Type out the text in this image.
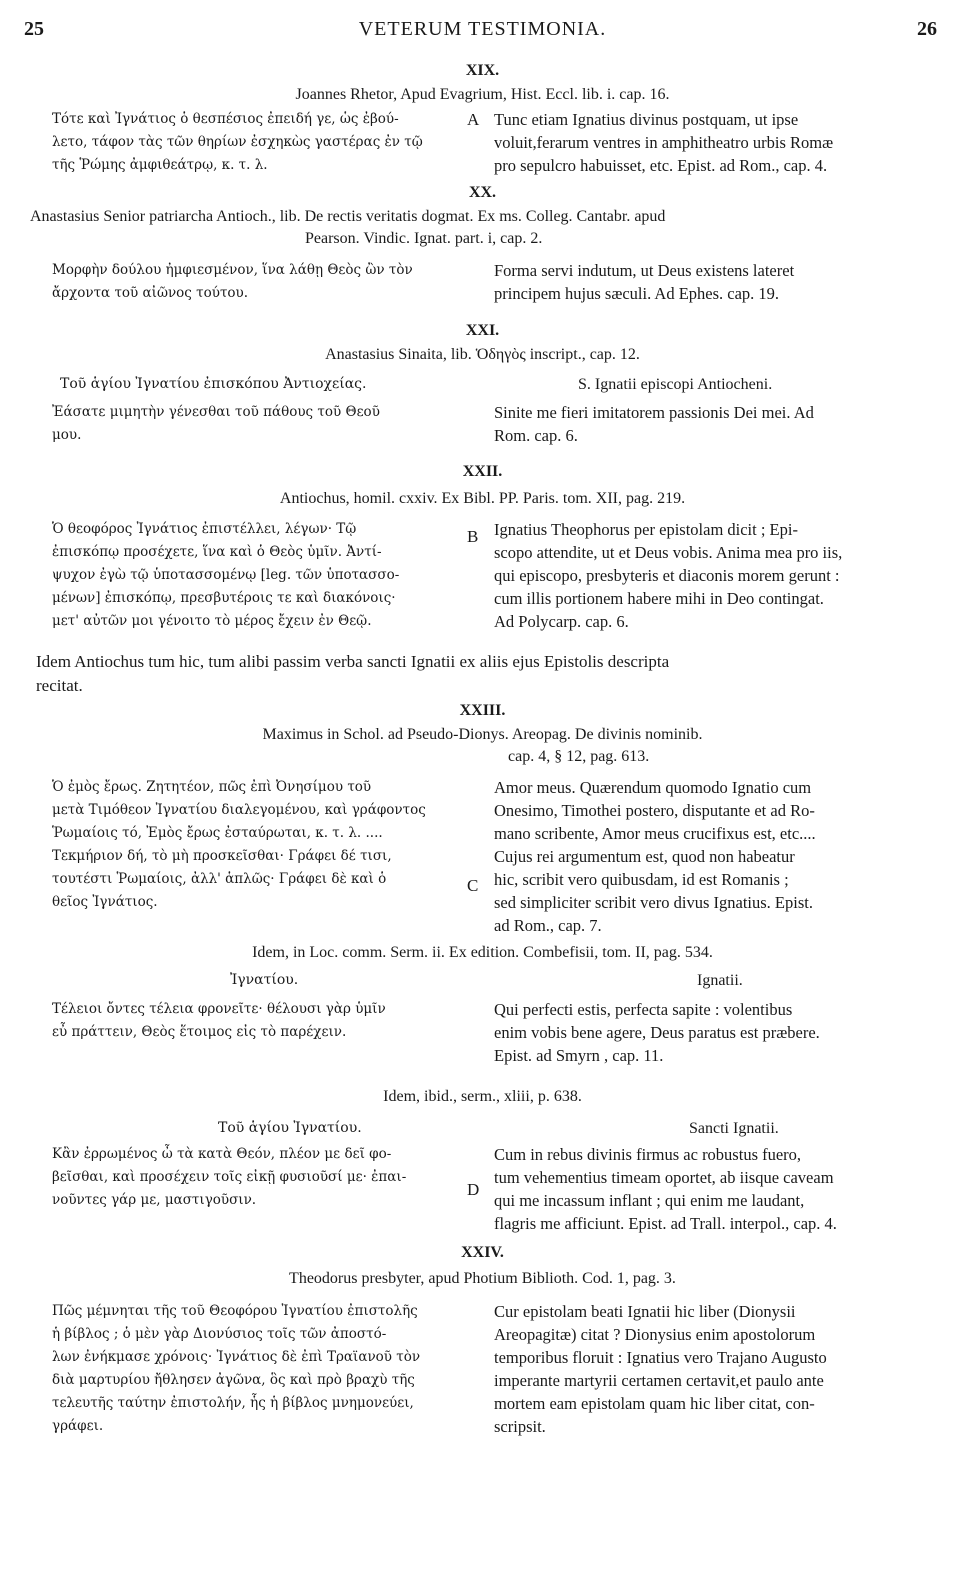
25	VETERUM TESTIMONIA.	26
XIX.
Joannes Rhetor, Apud Evagrium, Hist. Eccl. lib. i. cap. 16.
Τότε καὶ Ἰγνάτιος ὁ θεσπέσιος ἐπειδή γε, ὡς ἐβού-
λετο, τάφον τὰς τῶν θηρίων ἐσχηκὼς γαστέρας ἐν τῷ
τῆς Ῥώμης ἀμφιθεάτρῳ, κ. τ. λ.
A Tunc etiam Ignatius divinus postquam, ut ipse
voluit,ferarum ventres in amphitheatro urbis Romæ
pro sepulcro habuisset, etc. Epist. ad Rom., cap. 4.
XX.
Anastasius Senior patriarcha Antioch., lib. De rectis veritatis dogmat. Ex ms. Colleg. Cantabr. apud
Pearson. Vindic. Ignat. part. i, cap. 2.
Μορφὴν δούλου ἠμφιεσμένον, ἵνα λάθῃ Θεὸς ὢν τὸν
ἄρχοντα τοῦ αἰῶνος τούτου.
Forma servi indutum, ut Deus existens lateret
principem hujus sæculi. Ad Ephes. cap. 19.
XXI.
Anastasius Sinaita, lib. Ὁδηγὸς inscript., cap. 12.
Τοῦ ἁγίου Ἰγνατίου ἐπισκόπου Ἀντιοχείας.	S. Ignatii episcopi Antiocheni.
Ἐάσατε μιμητὴν γένεσθαι τοῦ πάθους τοῦ Θεοῦ
μου.
Sinite me fieri imitatorem passionis Dei mei. Ad
Rom. cap. 6.
XXII.
Antiochus, homil. cxxiv. Ex Bibl. PP. Paris. tom. XII, pag. 219.
Ὁ θεοφόρος Ἰγνάτιος ἐπιστέλλει, λέγων· Τῷ
ἐπισκόπῳ προσέχετε, ἵνα καὶ ὁ Θεὸς ὑμῖν. Ἀντί-
ψυχον ἐγὼ τῷ ὑποτασσομένῳ [leg. τῶν ὑποτασσο-
μένων] ἐπισκόπῳ, πρεσβυτέροις τε καὶ διακόνοις·
μετ' αὐτῶν μοι γένοιτο τὸ μέρος ἔχειν ἐν Θεῷ.
B Ignatius Theophorus per epistolam dicit ; Epi-
scopo attendite, ut et Deus vobis. Anima mea pro iis,
qui episcopo, presbyteris et diaconis morem gerunt :
cum illis portionem habere mihi in Deo contingat.
Ad Polycarp. cap. 6.
Idem Antiochus tum hic, tum alibi passim verba sancti Ignatii ex aliis ejus Epistolis descripta
recitat.
XXIII.
Maximus in Schol. ad Pseudo-Dionys. Areopag. De divinis nominib.
cap. 4, § 12, pag. 613.
Ὁ ἐμὸς ἔρως. Ζητητέον, πῶς ἐπὶ Ὀνησίμου τοῦ
μετὰ Τιμόθεον Ἰγνατίου διαλεγομένου, καὶ γράφοντος
Ῥωμαίοις τό, Ἐμὸς ἔρως ἐσταύρωται, κ. τ. λ. ....
Τεκμήριον δή, τὸ μὴ προσκεῖσθαι· Γράφει δέ τισι,
τουτέστι Ῥωμαίοις, ἀλλ' ἁπλῶς· Γράφει δὲ καὶ ὁ
θεῖος Ἰγνάτιος.
C
Amor meus. Quærendum quomodo Ignatio cum
Onesimo, Timothei postero, disputante et ad Ro-
mano scribente, Amor meus crucifixus est, etc....
Cujus rei argumentum est, quod non habeatur
hic, scribit vero quibusdam, id est Romanis ;
sed simpliciter scribit vero divus Ignatius. Epist.
ad Rom., cap. 7.
Idem, in Loc. comm. Serm. ii. Ex edition. Combefisii, tom. II, pag. 534.
Ἰγνατίου.	Ignatii.
Τέλειοι ὄντες τέλεια φρονεῖτε· θέλουσι γὰρ ὑμῖν
εὖ πράττειν, Θεὸς ἕτοιμος εἰς τὸ παρέχειν.
Qui perfecti estis, perfecta sapite : volentibus
enim vobis bene agere, Deus paratus est præbere.
Epist. ad Smyrn , cap. 11.
Idem, ibid., serm., xliii, p. 638.
Τοῦ ἁγίου Ἰγνατίου.	Sancti Ignatii.
Κἂν ἐρρωμένος ὦ τὰ κατὰ Θεόν, πλέον με δεῖ φο-
βεῖσθαι, καὶ προσέχειν τοῖς εἰκῇ φυσιοῦσί με· ἐπαι-
νοῦντες γάρ με, μαστιγοῦσιν.
D
Cum in rebus divinis firmus ac robustus fuero,
tum vehementius timeam oportet, ab iisque caveam
qui me incassum inflant ; qui enim me laudant,
flagris me afficiunt. Epist. ad Trall. interpol., cap. 4.
XXIV.
Theodorus presbyter, apud Photium Biblioth. Cod. 1, pag. 3.
Πῶς μέμνηται τῆς τοῦ Θεοφόρου Ἰγνατίου ἐπιστολῆς
ἡ βίβλος ; ὁ μὲν γὰρ Διονύσιος τοῖς τῶν ἀποστό-
λων ἐνήκμασε χρόνοις· Ἰγνάτιος δὲ ἐπὶ Τραϊανοῦ τὸν
διὰ μαρτυρίου ἤθλησεν ἀγῶνα, ὃς καὶ πρὸ βραχὺ τῆς
τελευτῆς ταύτην ἐπιστολήν, ἧς ἡ βίβλος μνημονεύει,
γράφει.
Cur epistolam beati Ignatii hic liber (Dionysii
Areopagitæ) citat ? Dionysius enim apostolorum
temporibus floruit : Ignatius vero Trajano Augusto
imperante martyrii certamen certavit,et paulo ante
mortem eam epistolam quam hic liber citat, con-
scripsit.
